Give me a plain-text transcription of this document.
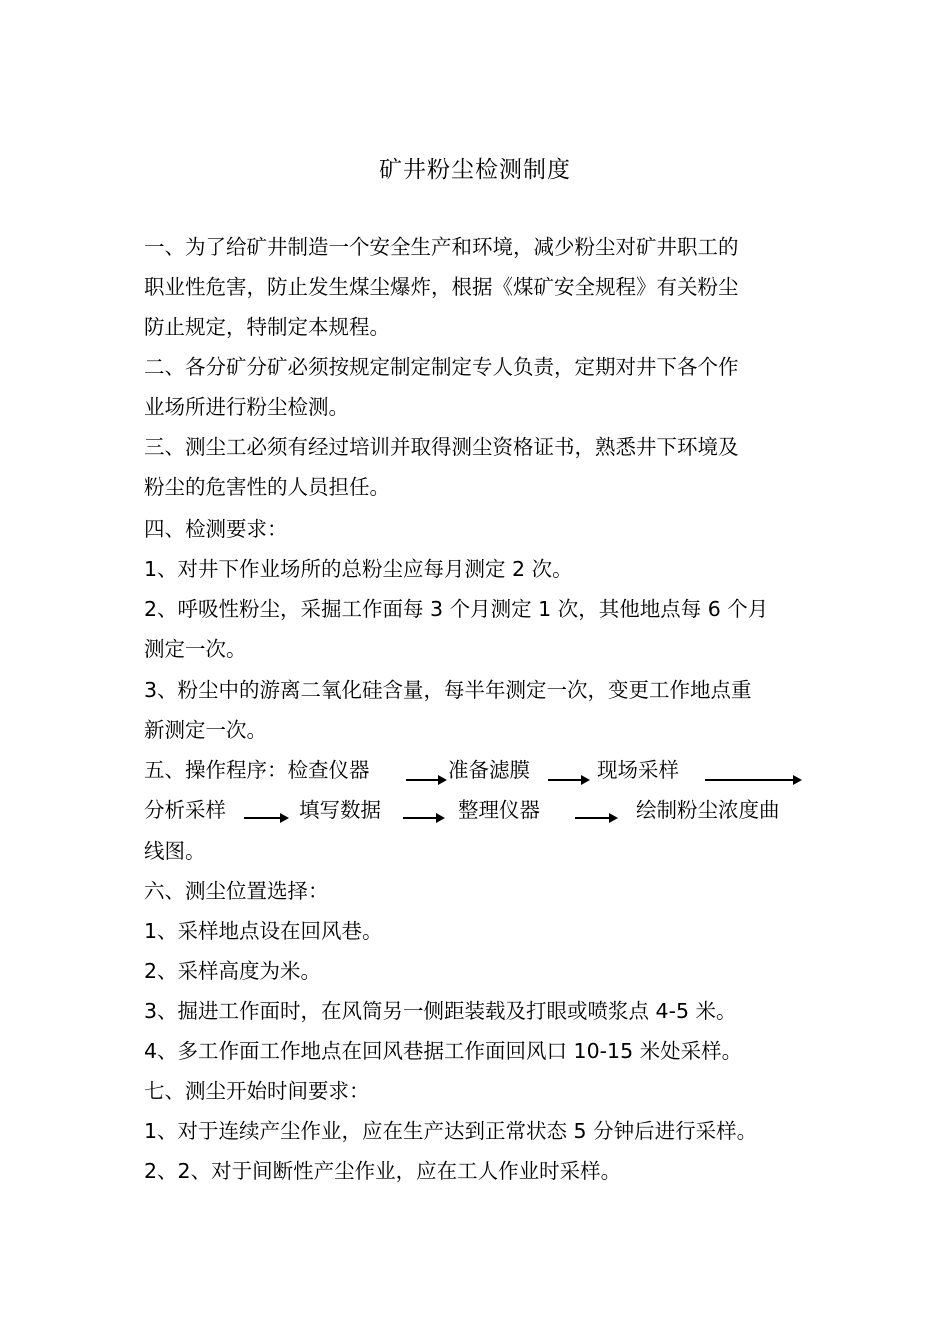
矿井粉尘检测制度
一、为了给矿井制造一个安全生产和环境，减少粉尘对矿井职工的
职业性危害，防止发生煤尘爆炸，根据《煤矿安全规程》有关粉尘
防止规定，特制定本规程。
二、各分矿分矿必须按规定制定制定专人负责，定期对井下各个作
业场所进行粉尘检测。
三、测尘工必须有经过培训并取得测尘资格证书，熟悉井下环境及
粉尘的危害性的人员担任。
四、检测要求：
1、对井下作业场所的总粉尘应每月测定 2 次。
2、呼吸性粉尘，采掘工作面每 3 个月测定 1 次，其他地点每 6 个月
测定一次。
3、粉尘中的游离二氧化硅含量，每半年测定一次，变更工作地点重
新测定一次。
五、操作程序：检查仪器	准备滤膜	现场采样
分析采样	填写数据	整理仪器	绘制粉尘浓度曲
线图。
六、测尘位置选择：
1、采样地点设在回风巷。
2、采样高度为米。
3、掘进工作面时，在风筒另一侧距装载及打眼或喷浆点 4-5 米。
4、多工作面工作地点在回风巷据工作面回风口 10-15 米处采样。
七、测尘开始时间要求：
1、对于连续产尘作业，应在生产达到正常状态 5 分钟后进行采样。
2、2、对于间断性产尘作业，应在工人作业时采样。
